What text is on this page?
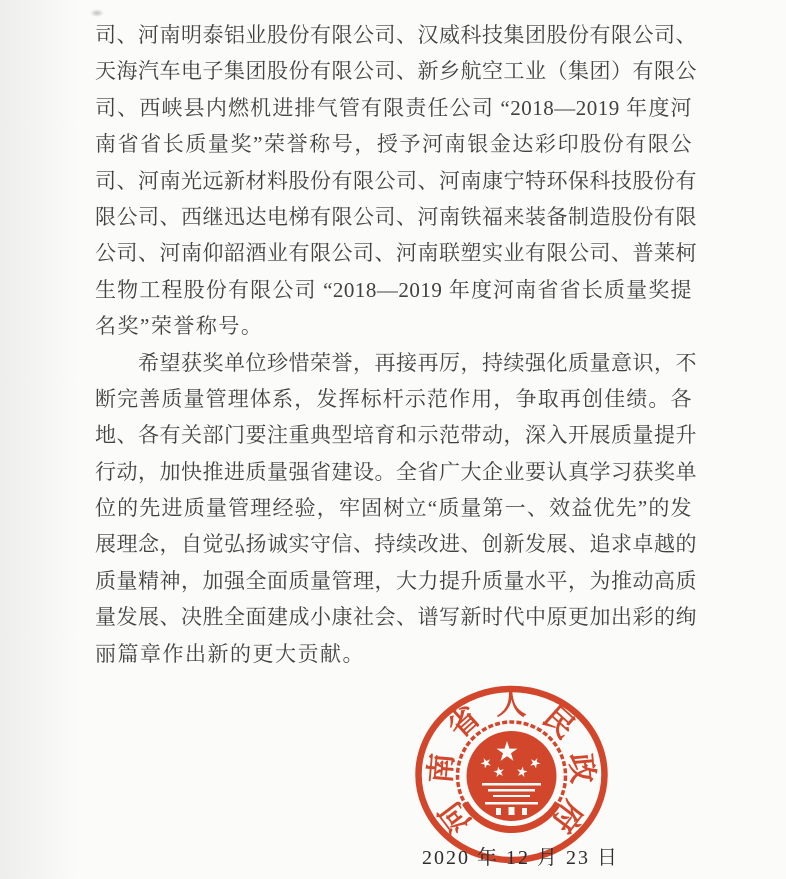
司、河南明泰铝业股份有限公司、汉威科技集团股份有限公司、
天海汽车电子集团股份有限公司、新乡航空工业（集团）有限公
司、西峡县内燃机进排气管有限责任公司 “2018—2019 年度河
南省省长质量奖”荣誉称号，授予河南银金达彩印股份有限公
司、河南光远新材料股份有限公司、河南康宁特环保科技股份有
限公司、西继迅达电梯有限公司、河南铁福来装备制造股份有限
公司、河南仰韶酒业有限公司、河南联塑实业有限公司、普莱柯
生物工程股份有限公司 “2018—2019 年度河南省省长质量奖提
名奖”荣誉称号。
　　希望获奖单位珍惜荣誉，再接再厉，持续强化质量意识，不
断完善质量管理体系，发挥标杆示范作用，争取再创佳绩。各
地、各有关部门要注重典型培育和示范带动，深入开展质量提升
行动，加快推进质量强省建设。全省广大企业要认真学习获奖单
位的先进质量管理经验，牢固树立“质量第一、效益优先”的发
展理念，自觉弘扬诚实守信、持续改进、创新发展、追求卓越的
质量精神，加强全面质量管理，大力提升质量水平，为推动高质
量发展、决胜全面建成小康社会、谱写新时代中原更加出彩的绚
丽篇章作出新的更大贡献。
河
南
省 人 民
政
府
2020 年 12 月 23 日
